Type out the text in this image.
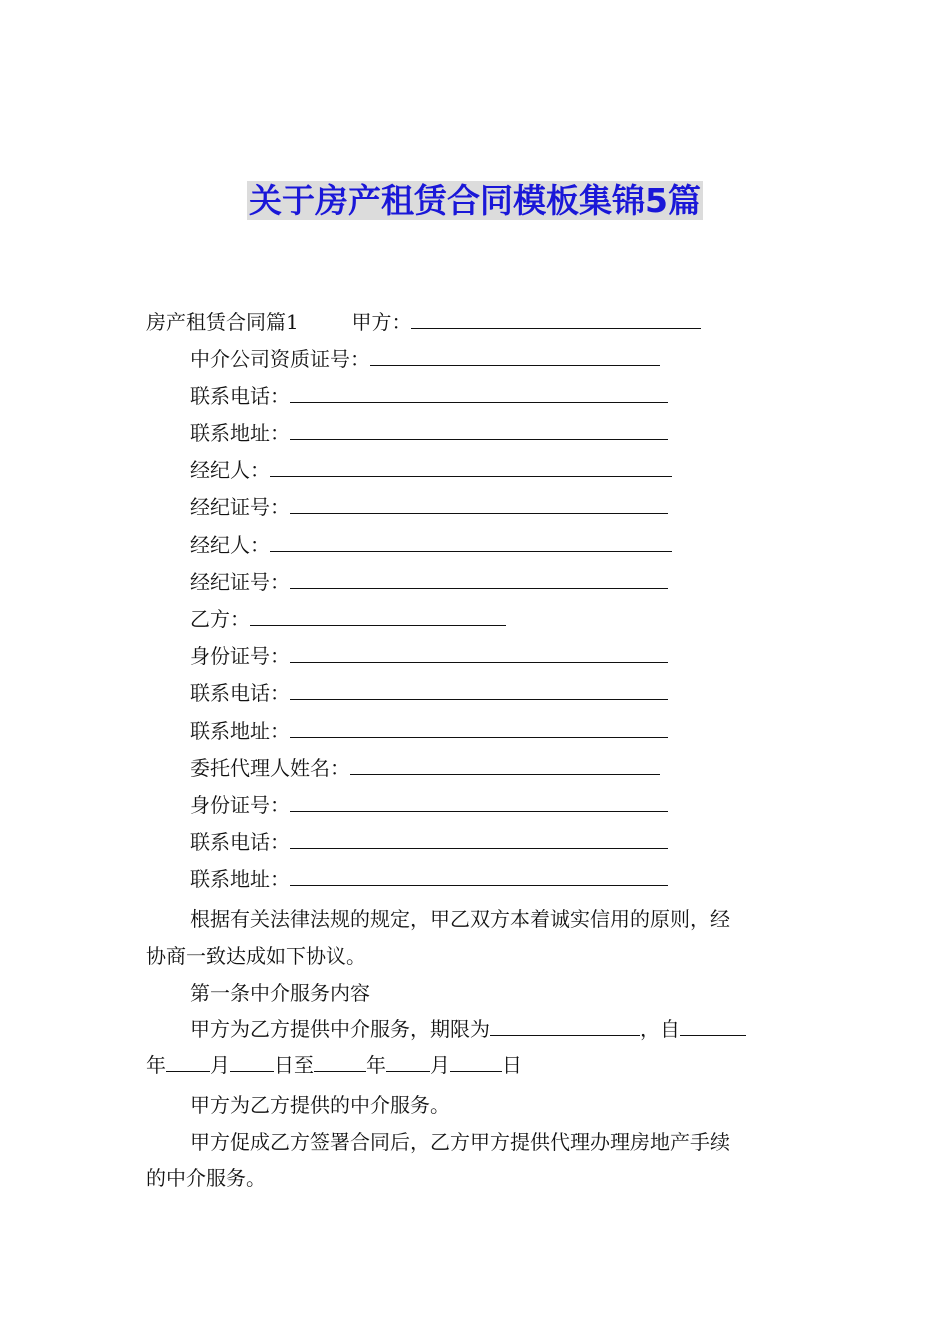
关于房产租赁合同模板集锦5篇
房产租赁合同篇1	甲方：
中介公司资质证号：
联系电话：
联系地址：
经纪人：
经纪证号：
经纪人：
经纪证号：
乙方：
身份证号：
联系电话：
联系地址：
委托代理人姓名：
身份证号：
联系电话：
联系地址：
根据有关法律法规的规定，甲乙双方本着诚实信用的原则，经
协商一致达成如下协议。
第一条中介服务内容
甲方为乙方提供中介服务，期限为	，自
年 月 日至	年 月	日
甲方为乙方提供的中介服务。
甲方促成乙方签署合同后，乙方甲方提供代理办理房地产手续
的中介服务。
